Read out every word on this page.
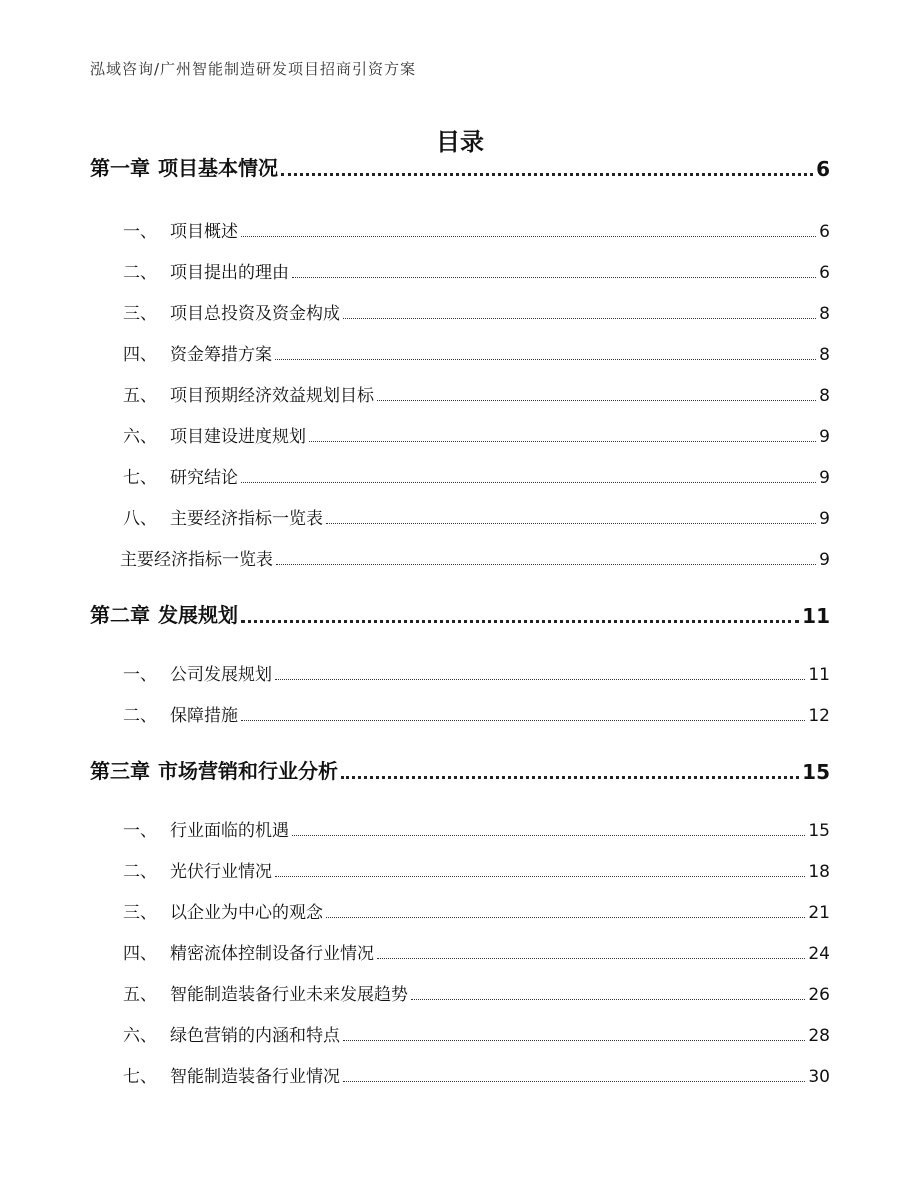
泓域咨询/广州智能制造研发项目招商引资方案
目录
第一章 项目基本情况	6
一、 项目概述	6
二、 项目提出的理由	6
三、 项目总投资及资金构成	8
四、 资金筹措方案	8
五、 项目预期经济效益规划目标	8
六、 项目建设进度规划	9
七、 研究结论	9
八、 主要经济指标一览表	9
主要经济指标一览表	9
第二章 发展规划	11
一、 公司发展规划	11
二、 保障措施	12
第三章 市场营销和行业分析	15
一、 行业面临的机遇	15
二、 光伏行业情况	18
三、 以企业为中心的观念	21
四、 精密流体控制设备行业情况	24
五、 智能制造装备行业未来发展趋势	26
六、 绿色营销的内涵和特点	28
七、 智能制造装备行业情况	30
